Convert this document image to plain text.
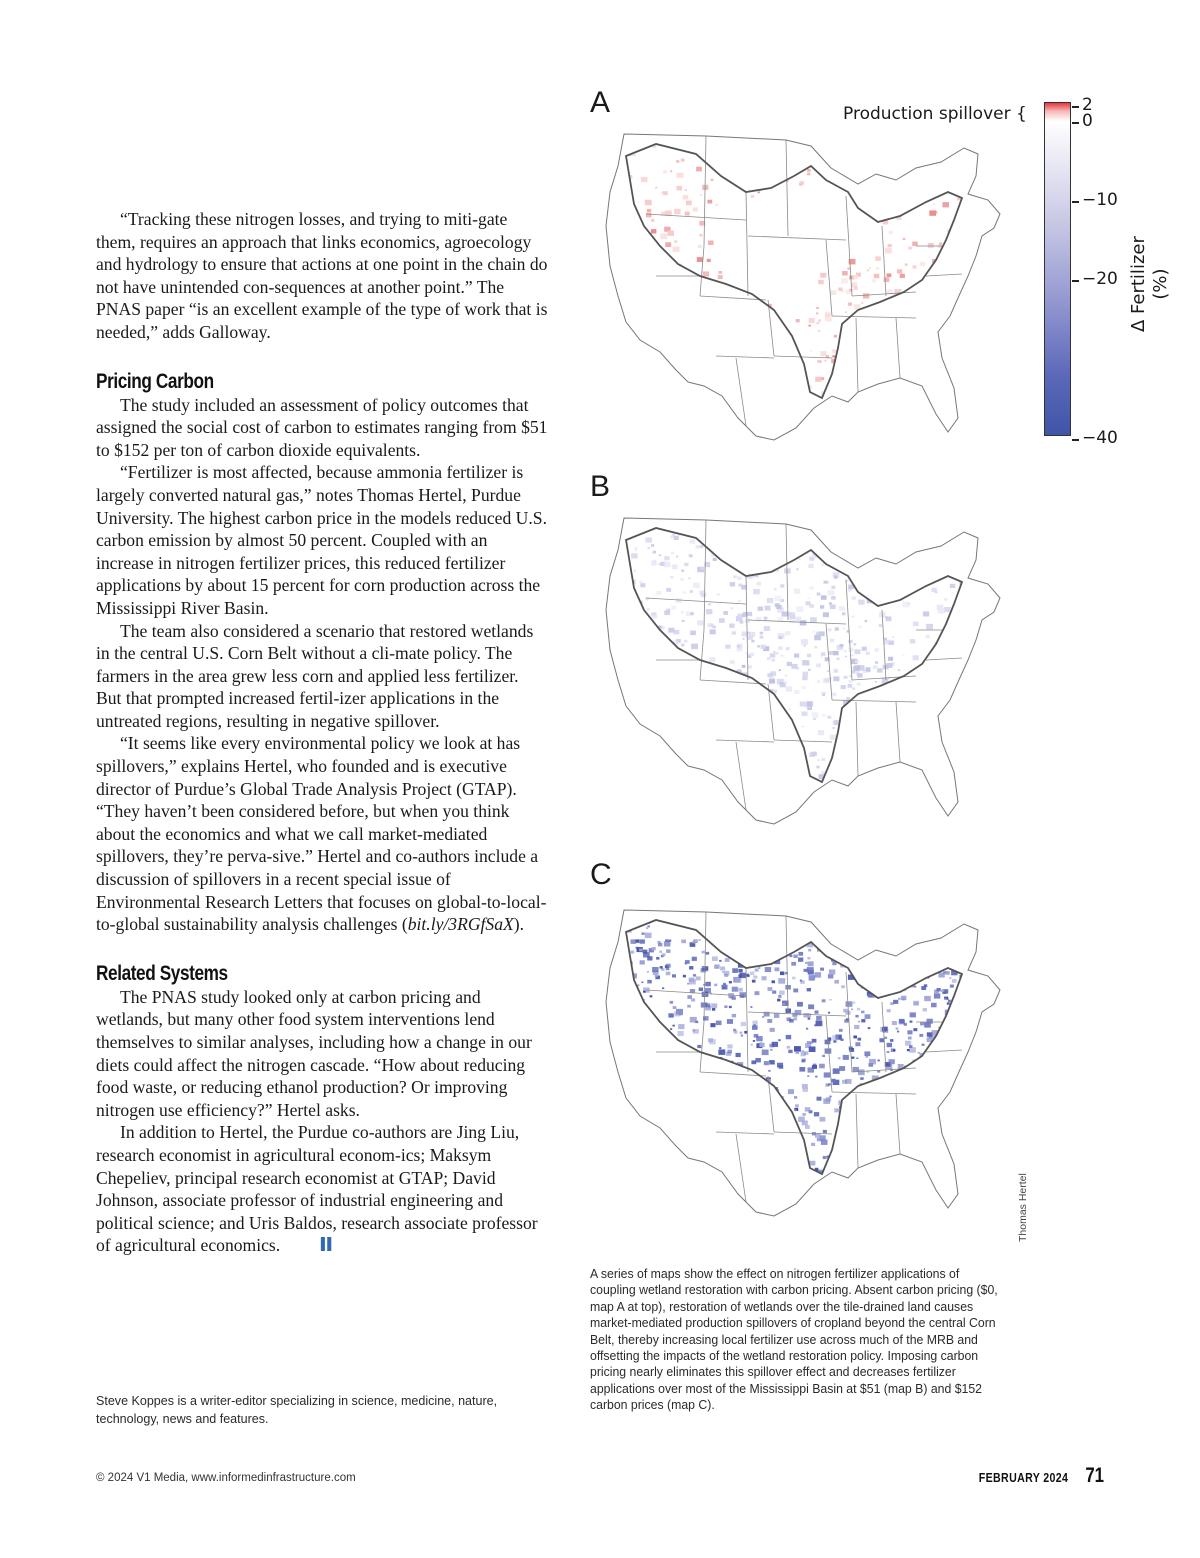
“Tracking these nitrogen losses, and trying to miti-gate them, requires an approach that links economics, agroecology and hydrology to ensure that actions at one point in the chain do not have unintended con-sequences at another point.” The PNAS paper “is an excellent example of the type of work that is needed,” adds Galloway.

Pricing Carbon

The study included an assessment of policy outcomes that assigned the social cost of carbon to estimates ranging from $51 to $152 per ton of carbon dioxide equivalents.

“Fertilizer is most affected, because ammonia fertilizer is largely converted natural gas,” notes Thomas Hertel, Purdue University. The highest carbon price in the models reduced U.S. carbon emission by almost 50 percent. Coupled with an increase in nitrogen fertilizer prices, this reduced fertilizer applications by about 15 percent for corn production across the Mississippi River Basin.

The team also considered a scenario that restored wetlands in the central U.S. Corn Belt without a cli-mate policy. The farmers in the area grew less corn and applied less fertilizer. But that prompted increased fertil-izer applications in the untreated regions, resulting in negative spillover.

“It seems like every environmental policy we look at has spillovers,” explains Hertel, who founded and is executive director of Purdue’s Global Trade Analysis Project (GTAP). “They haven’t been considered before, but when you think about the economics and what we call market-mediated spillovers, they’re perva-sive.” Hertel and co-authors include a discussion of spillovers in a recent special issue of Environmental Research Letters that focuses on global-to-local-to-global sustainability analysis challenges (bit.ly/3RGfSaX).

Related Systems

The PNAS study looked only at carbon pricing and wetlands, but many other food system interventions lend themselves to similar analyses, including how a change in our diets could affect the nitrogen cascade. “How about reducing food waste, or reducing ethanol production? Or improving nitrogen use efficiency?” Hertel asks.

In addition to Hertel, the Purdue co-authors are Jing Liu, research economist in agricultural econom-ics; Maksym Chepeliev, principal research economist at GTAP; David Johnson, associate professor of industrial engineering and political science; and Uris Baldos, research associate professor of agricultural economics. II

Steve Koppes is a writer-editor specializing in science, medicine, nature, technology, news and features.
A
B
C
Production spillover {	2
0
−10
−20
−40
Δ Fertilizer (%)
Thomas Hertel
A series of maps show the effect on nitrogen fertilizer applications of coupling wetland restoration with carbon pricing. Absent carbon pricing ($0, map A at top), restoration of wetlands over the tile-drained land causes market-mediated production spillovers of cropland beyond the central Corn Belt, thereby increasing local fertilizer use across much of the MRB and offsetting the impacts of the wetland restoration policy. Imposing carbon pricing nearly eliminates this spillover effect and decreases fertilizer applications over most of the Mississippi Basin at $51 (map B) and $152 carbon prices (map C).
© 2024 V1 Media, www.informedinfrastructure.com	FEBRUARY 2024 71
